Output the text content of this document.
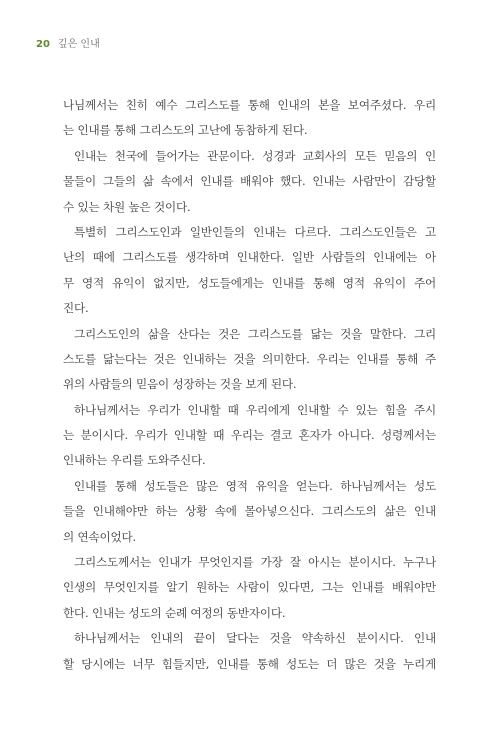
20 깊은 인내
나님께서는 친히 예수 그리스도를 통해 인내의 본을 보여주셨다. 우리
는 인내를 통해 그리스도의 고난에 동참하게 된다.
인내는 천국에 들어가는 관문이다. 성경과 교회사의 모든 믿음의 인
물들이 그들의 삶 속에서 인내를 배워야 했다. 인내는 사람만이 감당할
수 있는 차원 높은 것이다.
특별히 그리스도인과 일반인들의 인내는 다르다. 그리스도인들은 고
난의 때에 그리스도를 생각하며 인내한다. 일반 사람들의 인내에는 아
무 영적 유익이 없지만, 성도들에게는 인내를 통해 영적 유익이 주어
진다.
그리스도인의 삶을 산다는 것은 그리스도를 닮는 것을 말한다. 그리
스도를 닮는다는 것은 인내하는 것을 의미한다. 우리는 인내를 통해 주
위의 사람들의 믿음이 성장하는 것을 보게 된다.
하나님께서는 우리가 인내할 때 우리에게 인내할 수 있는 힘을 주시
는 분이시다. 우리가 인내할 때 우리는 결코 혼자가 아니다. 성령께서는
인내하는 우리를 도와주신다.
인내를 통해 성도들은 많은 영적 유익을 얻는다. 하나님께서는 성도
들을 인내해야만 하는 상황 속에 몰아넣으신다. 그리스도의 삶은 인내
의 연속이었다.
그리스도께서는 인내가 무엇인지를 가장 잘 아시는 분이시다. 누구나
인생의 무엇인지를 알기 원하는 사람이 있다면, 그는 인내를 배워야만
한다. 인내는 성도의 순례 여정의 동반자이다.
하나님께서는 인내의 끝이 달다는 것을 약속하신 분이시다. 인내
할 당시에는 너무 힘들지만, 인내를 통해 성도는 더 많은 것을 누리게
